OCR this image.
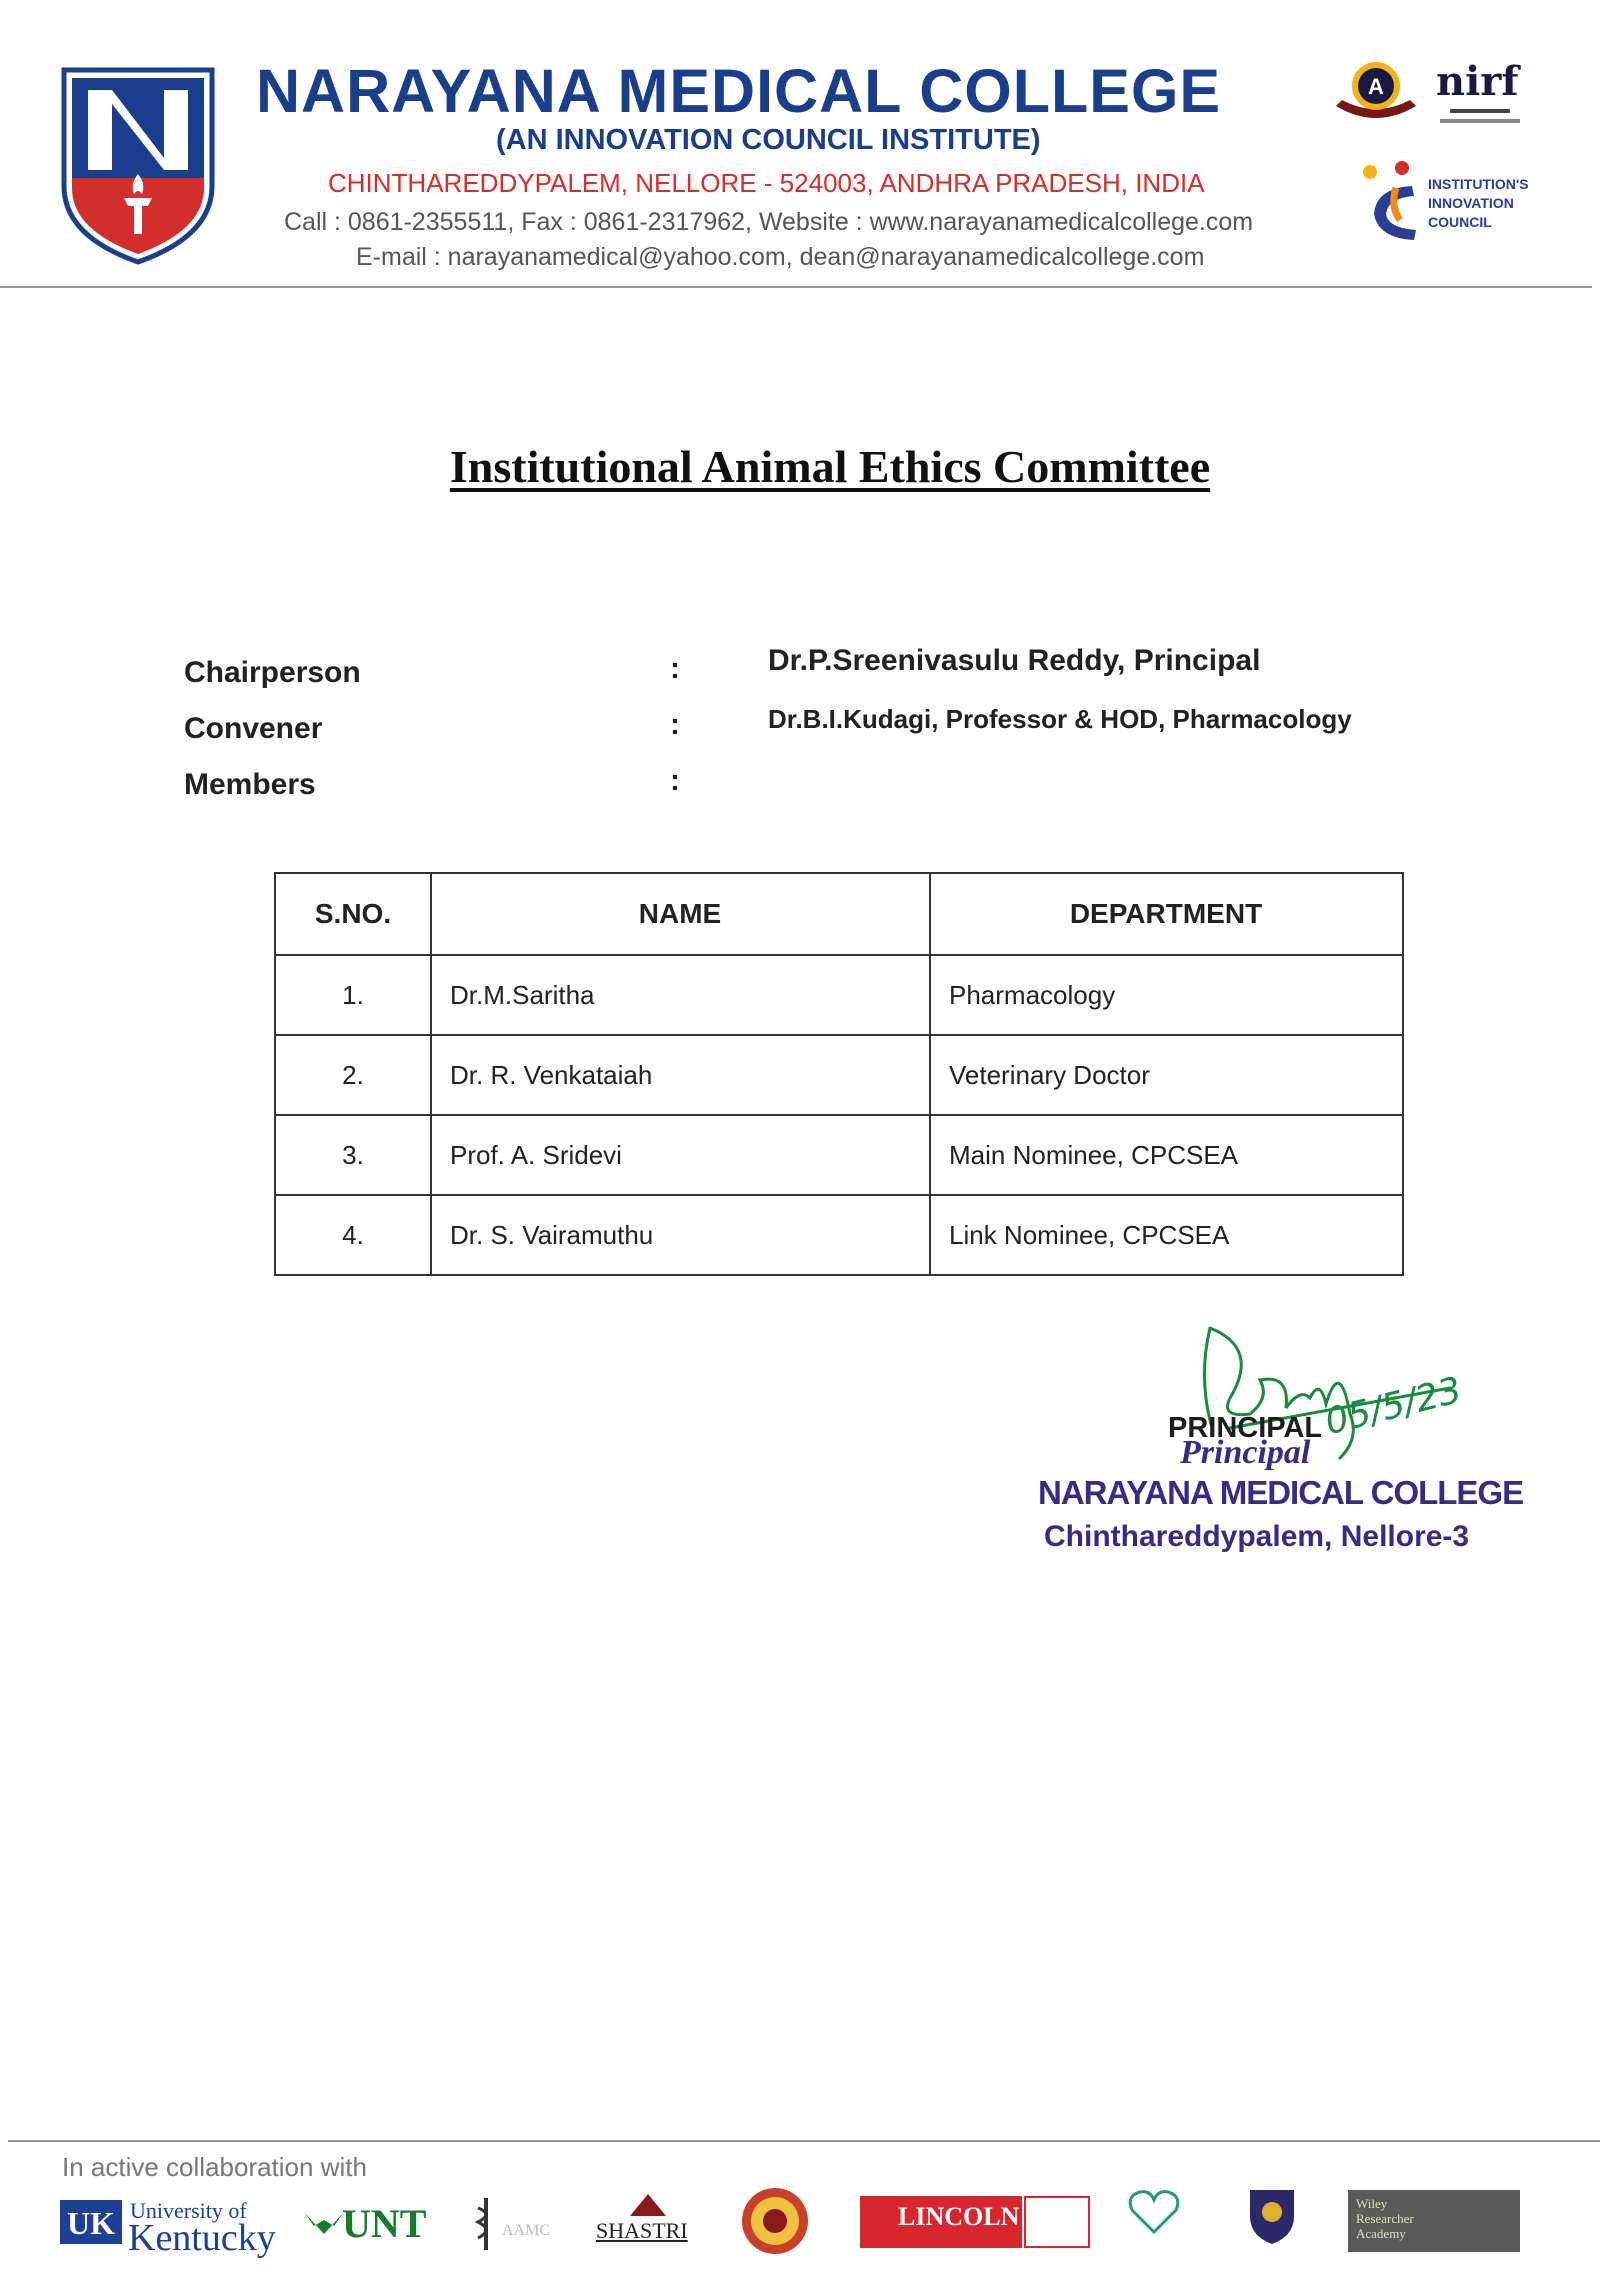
NARAYANA MEDICAL COLLEGE
(AN INNOVATION COUNCIL INSTITUTE)
CHINTHAREDDYPALEM, NELLORE - 524003, ANDHRA PRADESH, INDIA
Call : 0861-2355511, Fax : 0861-2317962, Website : www.narayanamedicalcollege.com
E-mail : narayanamedical@yahoo.com, dean@narayanamedicalcollege.com
A nirf
INSTITUTION'S
INNOVATION
COUNCIL
Institutional Animal Ethics Committee
Chairperson	:	Dr.P.Sreenivasulu Reddy, Principal
Convener	:	Dr.B.I.Kudagi, Professor & HOD, Pharmacology
Members	:
S.NO.	NAME	DEPARTMENT
1.	Dr.M.Saritha	Pharmacology
2.	Dr. R. Venkataiah	Veterinary Doctor
3.	Prof. A. Sridevi	Main Nominee, CPCSEA
4.	Dr. S. Vairamuthu	Link Nominee, CPCSEA
05/5/23
PRINCIPAL
Principal
NARAYANA MEDICAL COLLEGE
Chinthareddypalem, Nellore-3
In active collaboration with
UK University of
Kentucky UNT	AAMC SHASTRI	LINCOLN	Wiley
Researcher
Academy
